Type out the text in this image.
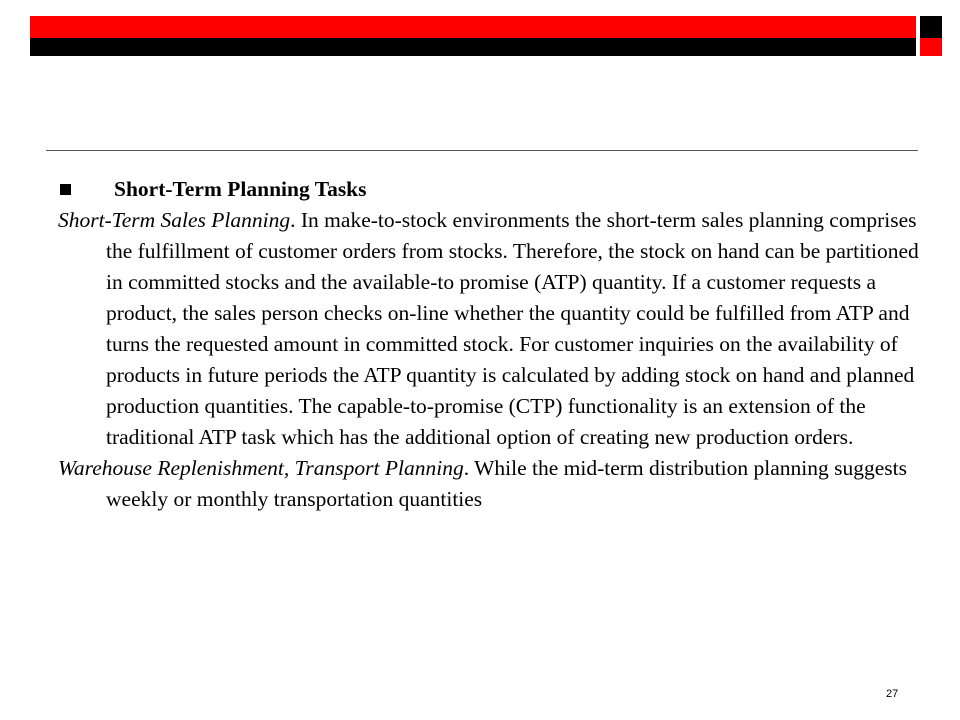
Short-Term Planning Tasks

Short-Term Sales Planning. In make-to-stock environments the short-term sales planning comprises the fulfillment of customer orders from stocks. Therefore, the stock on hand can be partitioned in committed stocks and the available-to promise (ATP) quantity. If a customer requests a product, the sales person checks on-line whether the quantity could be fulfilled from ATP and turns the requested amount in committed stock. For customer inquiries on the availability of products in future periods the ATP quantity is calculated by adding stock on hand and planned production quantities. The capable-to-promise (CTP) functionality is an extension of the traditional ATP task which has the additional option of creating new production orders.

Warehouse Replenishment, Transport Planning. While the mid-term distribution planning suggests weekly or monthly transportation quantities

27
